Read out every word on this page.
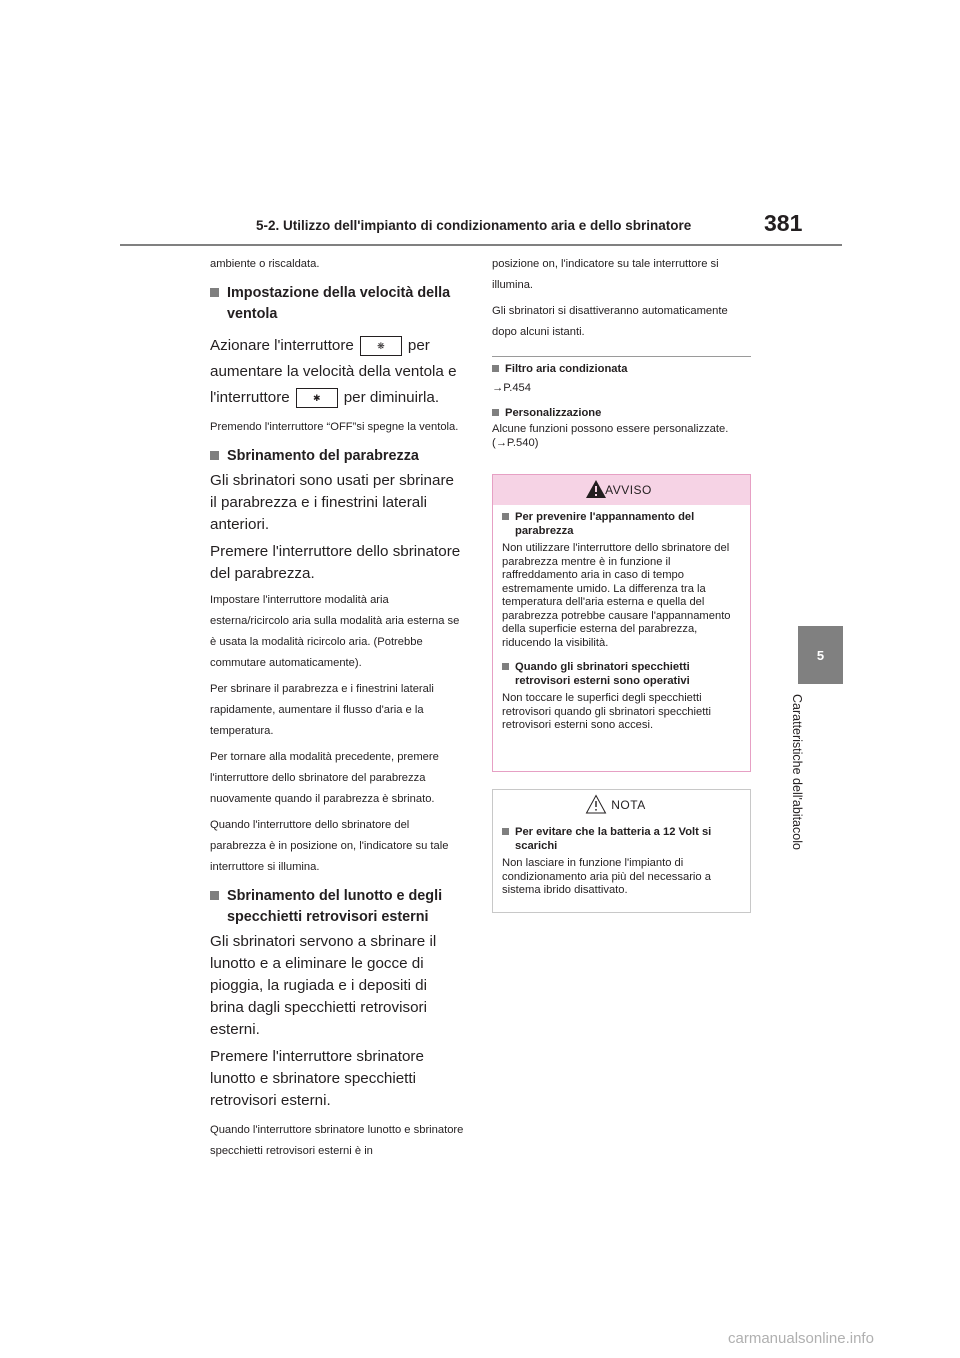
5-2. Utilizzo dell'impianto di condizionamento aria e dello sbrinatore	381
5
Caratteristiche dell'abitacolo

ambiente o riscaldata.

Impostazione della velocità della ventola

Azionare l'interruttore	❋	per

aumentare la velocità della ventola e

l'interruttore	✱	per diminuirla.

Premendo l'interruttore “OFF”si spegne la ventola.

Sbrinamento del parabrezza

Gli sbrinatori sono usati per sbrinare il parabrezza e i finestrini laterali anteriori.

Premere l'interruttore dello sbrinatore del parabrezza.

Impostare l'interruttore modalità aria esterna/ricircolo aria sulla modalità aria esterna se è usata la modalità ricircolo aria. (Potrebbe commutare automaticamente).

Per sbrinare il parabrezza e i finestrini laterali rapidamente, aumentare il flusso d'aria e la temperatura.

Per tornare alla modalità precedente, premere l'interruttore dello sbrinatore del parabrezza nuovamente quando il parabrezza è sbrinato.

Quando l'interruttore dello sbrinatore del parabrezza è in posizione on, l'indicatore su tale interruttore si illumina.

Sbrinamento del lunotto e degli specchietti retrovisori esterni

Gli sbrinatori servono a sbrinare il lunotto e a eliminare le gocce di pioggia, la rugiada e i depositi di brina dagli specchietti retrovisori esterni.

Premere l'interruttore sbrinatore lunotto e sbrinatore specchietti retrovisori esterni.

Quando l'interruttore sbrinatore lunotto e sbrinatore specchietti retrovisori esterni è in

posizione on, l'indicatore su tale interruttore si illumina.

Gli sbrinatori si disattiveranno automaticamente dopo alcuni istanti.

Filtro aria condizionata

→P.454

Personalizzazione

Alcune funzioni possono essere personalizzate. (→P.540)

AVVISO
Per prevenire l'appannamento del parabrezza

Non utilizzare l'interruttore dello sbrinatore del parabrezza mentre è in funzione il raffreddamento aria in caso di tempo estremamente umido. La differenza tra la temperatura dell'aria esterna e quella del parabrezza potrebbe causare l'appannamento della superficie esterna del parabrezza, riducendo la visibilità.

Quando gli sbrinatori specchietti retrovisori esterni sono operativi

Non toccare le superfici degli specchietti retrovisori quando gli sbrinatori specchietti retrovisori esterni sono accesi.

NOTA
Per evitare che la batteria a 12 Volt si scarichi

Non lasciare in funzione l'impianto di condizionamento aria più del necessario a sistema ibrido disattivato.

carmanualsonline.info
